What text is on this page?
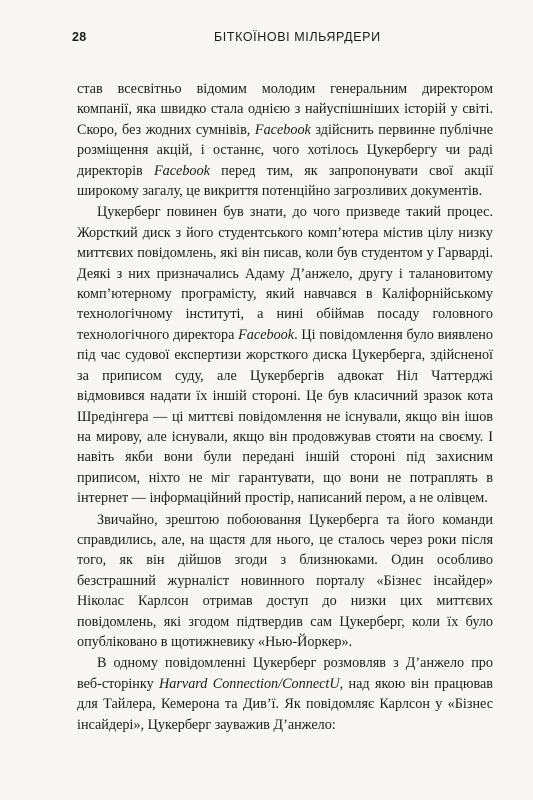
28	БІТКОЇНОВІ МІЛЬЯРДЕРИ

став всесвітньо відомим молодим генеральним директором компанії, яка швидко стала однією з найуспішніших історій у світі. Скоро, без жодних сумнівів, Facebook здійснить первинне публічне розміщення акцій, і останнє, чого хотілось Цукербергу чи раді директорів Facebook перед тим, як запропонувати свої акції широкому загалу, це викриття потенційно загрозливих документів.

Цукерберг повинен був знати, до чого призведе такий процес. Жорсткий диск з його студентського комп’ютера містив цілу низку миттєвих повідомлень, які він писав, коли був студентом у Гарварді. Деякі з них призначались Адаму Д’анжело, другу і талановитому комп’ютерному програмісту, який навчався в Каліфорнійському технологічному інституті, а нині обіймав посаду головного технологічного директора Facebook. Ці повідомлення було виявлено під час судової експертизи жорсткого диска Цукерберга, здійсненої за приписом суду, але Цукербергів адвокат Ніл Чаттерджі відмовився надати їх іншій стороні. Це був класичний зразок кота Шредінгера — ці миттєві повідомлення не існували, якщо він ішов на мирову, але існували, якщо він продовжував стояти на своєму. І навіть якби вони були передані іншій стороні під захисним приписом, ніхто не міг гарантувати, що вони не потраплять в інтернет — інформаційний простір, написаний пером, а не олівцем.

Звичайно, зрештою побоювання Цукерберга та його команди справдились, але, на щастя для нього, це сталось через роки після того, як він дійшов згоди з близнюками. Один особливо безстрашний журналіст новинного порталу «Бізнес інсайдер» Ніколас Карлсон отримав доступ до низки цих миттєвих повідомлень, які згодом підтвердив сам Цукерберг, коли їх було опубліковано в щотижневику «Нью-Йоркер».

В одному повідомленні Цукерберг розмовляв з Д’анжело про веб-сторінку Harvard Connection/ConnectU, над якою він працював для Тайлера, Кемерона та Див’ї. Як повідомляє Карлсон у «Бізнес інсайдері», Цукерберг зауважив Д’анжело:
